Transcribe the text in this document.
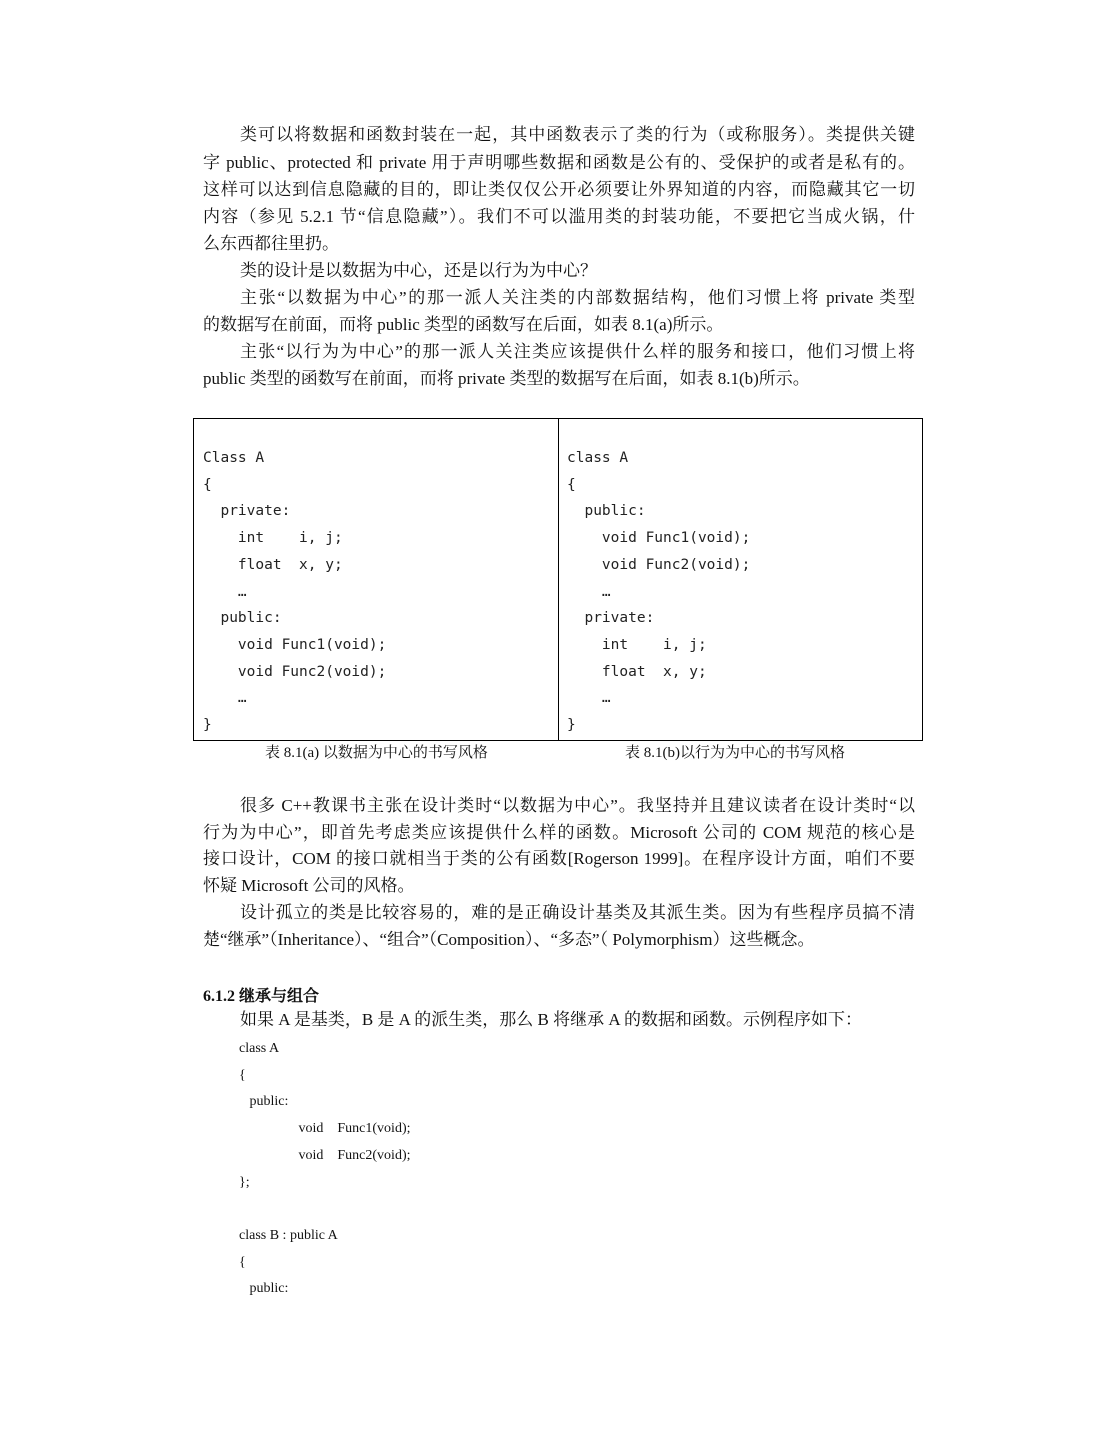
类可以将数据和函数封装在一起，其中函数表示了类的行为（或称服务）。类提供关键
字 public、protected 和 private 用于声明哪些数据和函数是公有的、受保护的或者是私有的。
这样可以达到信息隐藏的目的，即让类仅仅公开必须要让外界知道的内容，而隐藏其它一切
内容（参见 5.2.1 节“信息隐藏”）。我们不可以滥用类的封装功能，不要把它当成火锅，什
么东西都往里扔。
类的设计是以数据为中心，还是以行为为中心？
主张“以数据为中心”的那一派人关注类的内部数据结构，他们习惯上将 private 类型
的数据写在前面，而将 public 类型的函数写在后面，如表 8.1(a)所示。
主张“以行为为中心”的那一派人关注类应该提供什么样的服务和接口，他们习惯上将
public 类型的函数写在前面，而将 private 类型的数据写在后面，如表 8.1(b)所示。
Class A
{
private:
int    i, j;
float  x, y;
…
public:
void Func1(void);
void Func2(void);
…
}
class A
{
public:
void Func1(void);
void Func2(void);
…
private:
int    i, j;
float  x, y;
…
}
表 8.1(a) 以数据为中心的书写风格	表 8.1(b)以行为为中心的书写风格
很多 C++教课书主张在设计类时“以数据为中心”。我坚持并且建议读者在设计类时“以
行为为中心”，即首先考虑类应该提供什么样的函数。Microsoft 公司的 COM 规范的核心是
接口设计，COM 的接口就相当于类的公有函数[Rogerson 1999]。在程序设计方面，咱们不要
怀疑 Microsoft 公司的风格。
设计孤立的类是比较容易的，难的是正确设计基类及其派生类。因为有些程序员搞不清
楚“继承”（Inheritance）、“组合”（Composition）、“多态”（ Polymorphism）这些概念。
6.1.2 继承与组合
如果 A 是基类，B 是 A 的派生类，那么 B 将继承 A 的数据和函数。示例程序如下：
class A
{
public:
void    Func1(void);
void    Func2(void);
};

class B : public A
{
public:
